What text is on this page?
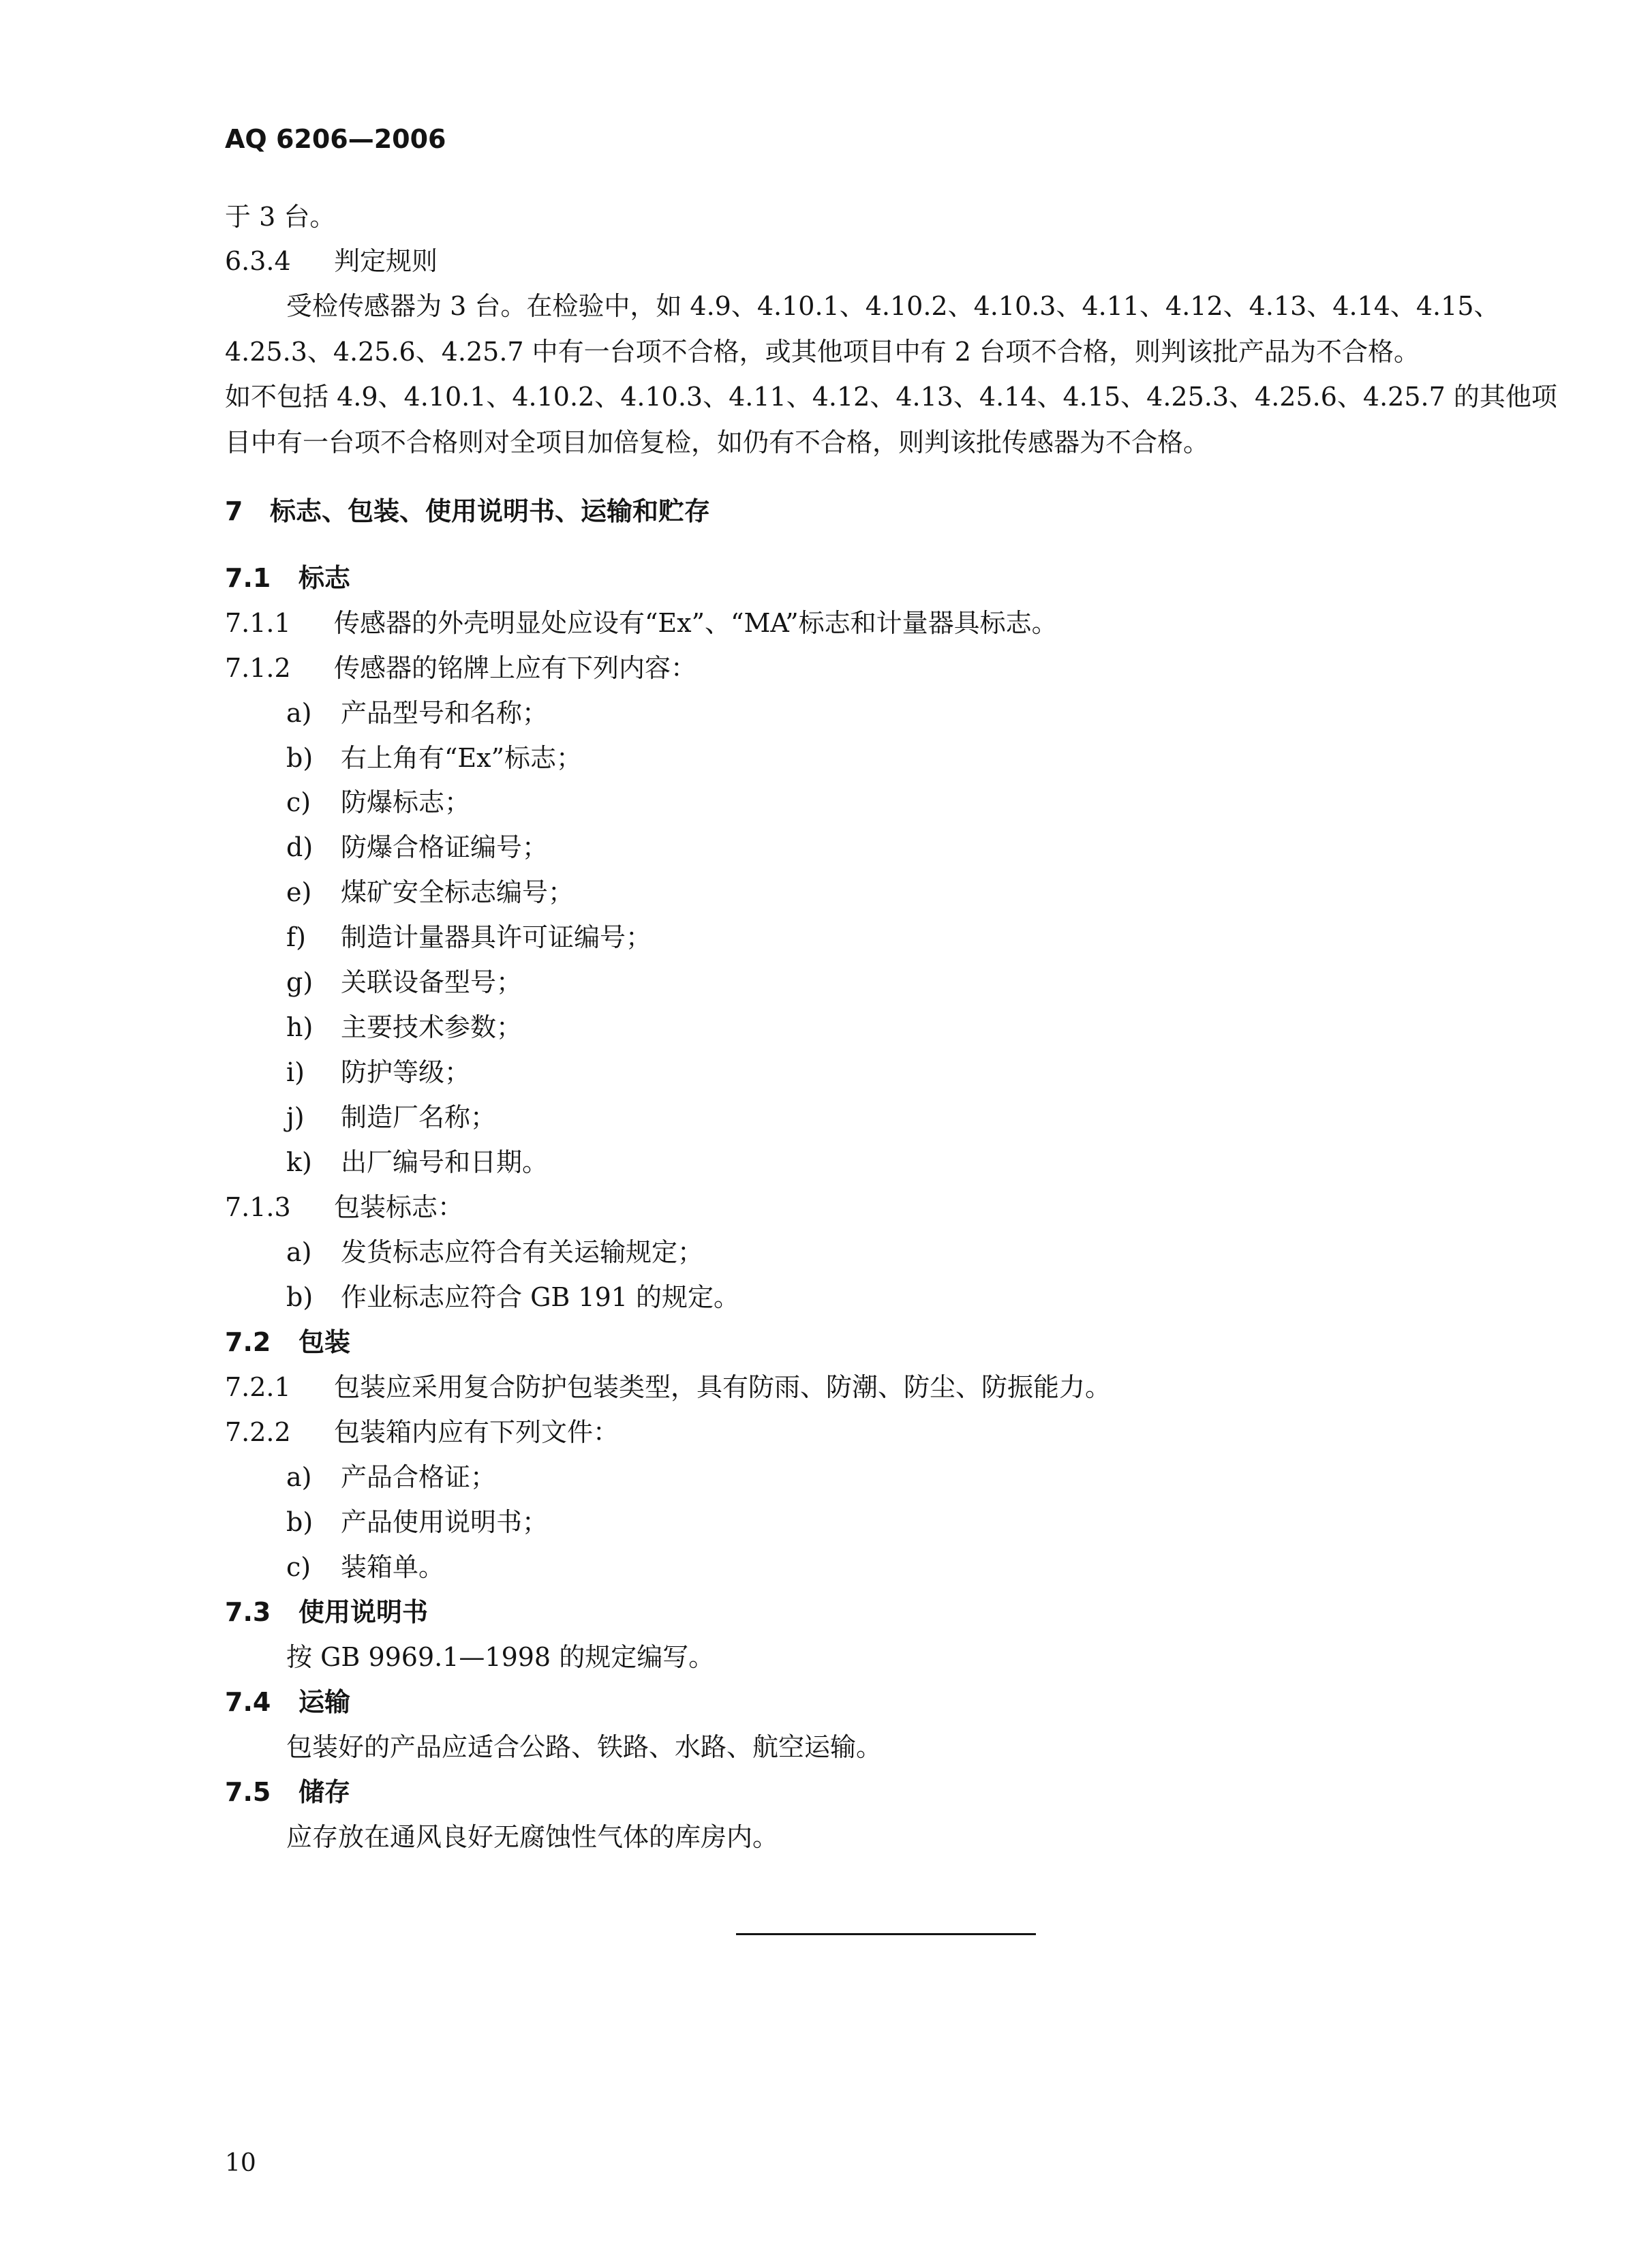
AQ 6206—2006
于 3 台。
6.3.4 判定规则
受检传感器为 3 台。在检验中，如 4.9、4.10.1、4.10.2、4.10.3、4.11、4.12、4.13、4.14、4.15、
4.25.3、4.25.6、4.25.7 中有一台项不合格，或其他项目中有 2 台项不合格，则判该批产品为不合格。
如不包括 4.9、4.10.1、4.10.2、4.10.3、4.11、4.12、4.13、4.14、4.15、4.25.3、4.25.6、4.25.7 的其他项
目中有一台项不合格则对全项目加倍复检，如仍有不合格，则判该批传感器为不合格。
7 标志、包装、使用说明书、运输和贮存
7.1 标志
7.1.1 传感器的外壳明显处应设有“Ex”、“MA”标志和计量器具标志。
7.1.2 传感器的铭牌上应有下列内容：
a) 产品型号和名称；
b) 右上角有“Ex”标志；
c) 防爆标志；
d) 防爆合格证编号；
e) 煤矿安全标志编号；
f) 制造计量器具许可证编号；
g) 关联设备型号；
h) 主要技术参数；
i) 防护等级；
j) 制造厂名称；
k) 出厂编号和日期。
7.1.3 包装标志：
a) 发货标志应符合有关运输规定；
b) 作业标志应符合 GB 191 的规定。
7.2 包装
7.2.1 包装应采用复合防护包装类型，具有防雨、防潮、防尘、防振能力。
7.2.2 包装箱内应有下列文件：
a) 产品合格证；
b) 产品使用说明书；
c) 装箱单。
7.3 使用说明书
按 GB 9969.1—1998 的规定编写。
7.4 运输
包装好的产品应适合公路、铁路、水路、航空运输。
7.5 储存
应存放在通风良好无腐蚀性气体的库房内。
10
